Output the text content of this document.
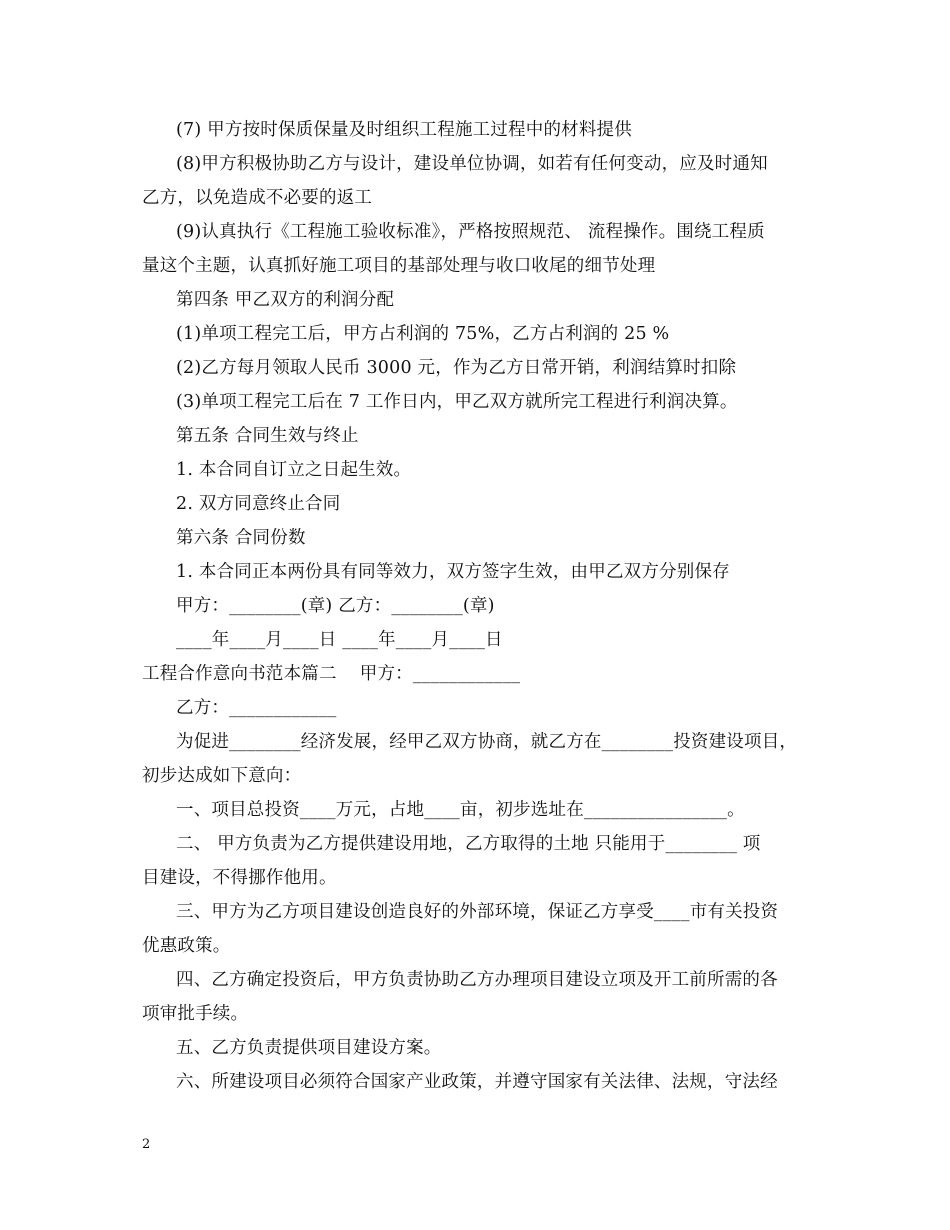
(7) 甲方按时保质保量及时组织工程施工过程中的材料提供
(8)甲方积极协助乙方与设计，建设单位协调，如若有任何变动，应及时通知
乙方，以免造成不必要的返工
(9)认真执行《工程施工验收标准》，严格按照规范、 流程操作。围绕工程质
量这个主题，认真抓好施工项目的基部处理与收口收尾的细节处理
第四条 甲乙双方的利润分配
(1)单项工程完工后，甲方占利润的 75%，乙方占利润的 25 %
(2)乙方每月领取人民币 3000 元，作为乙方日常开销，利润结算时扣除
(3)单项工程完工后在 7 工作日内，甲乙双方就所完工程进行利润决算。
第五条 合同生效与终止
1. 本合同自订立之日起生效。
2. 双方同意终止合同
第六条 合同份数
1. 本合同正本两份具有同等效力，双方签字生效，由甲乙双方分别保存
甲方：________(章) 乙方：________(章)
____年____月____日 ____年____月____日
工程合作意向书范本篇二    甲方：____________
乙方：____________
为促进________经济发展，经甲乙双方协商，就乙方在________投资建设项目，
初步达成如下意向：
一、项目总投资____万元，占地____亩，初步选址在________________。
二、 甲方负责为乙方提供建设用地，乙方取得的土地 只能用于________ 项
目建设，不得挪作他用。
三、甲方为乙方项目建设创造良好的外部环境，保证乙方享受____市有关投资
优惠政策。
四、乙方确定投资后，甲方负责协助乙方办理项目建设立项及开工前所需的各
项审批手续。
五、乙方负责提供项目建设方案。
六、所建设项目必须符合国家产业政策，并遵守国家有关法律、法规，守法经
2
